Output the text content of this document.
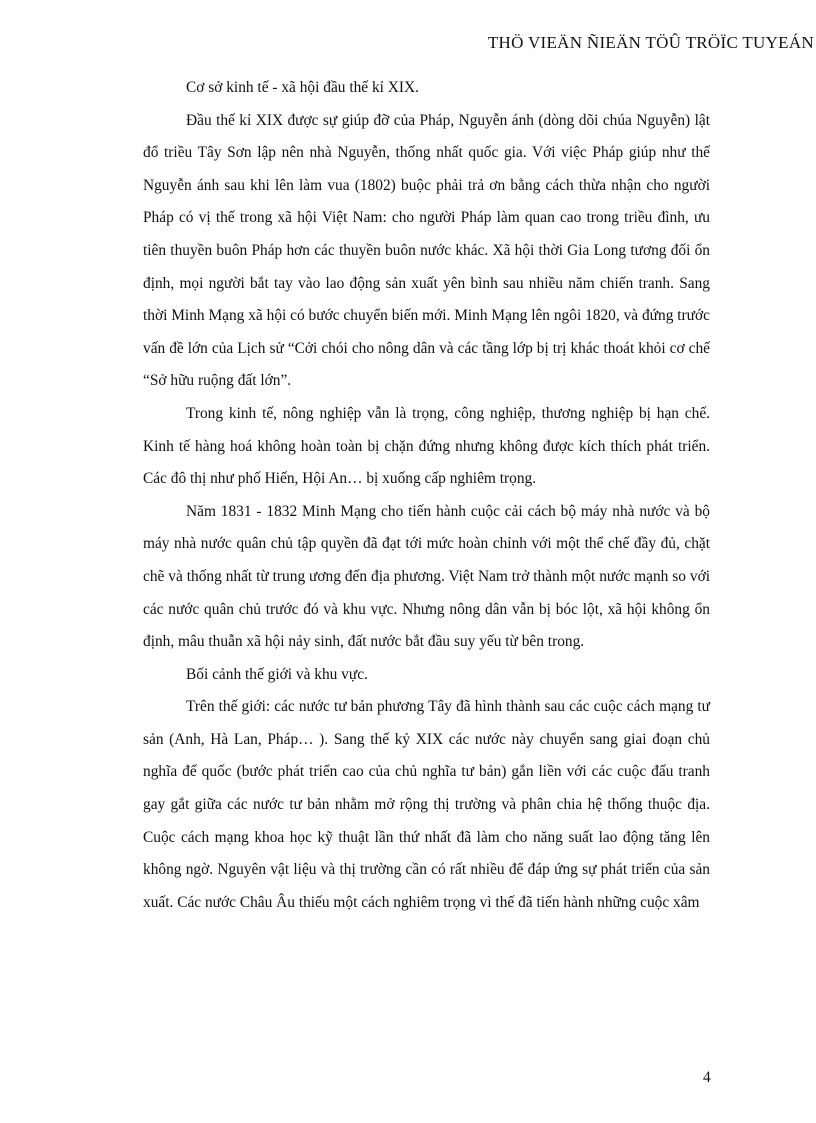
THÖ VIEÄN ÑIEÄN TÖÛ TRÖÏC TUYEÁN

Cơ sở kinh tế - xã hội đầu thế kỉ XIX.

Đầu thế kỉ XIX được sự giúp đỡ của Pháp, Nguyễn ánh (dòng dõi chúa Nguyễn) lật đổ triều Tây Sơn lập nên nhà Nguyễn, thống nhất quốc gia. Với việc Pháp giúp như thế Nguyễn ánh sau khi lên làm vua (1802) buộc phải trả ơn bằng cách thừa nhận cho người Pháp có vị thế trong xã hội Việt Nam: cho người Pháp làm quan cao trong triều đình, ưu tiên thuyền buôn Pháp hơn các thuyền buôn nước khác. Xã hội thời Gia Long tương đối ổn định, mọi người bắt tay vào lao động sản xuất yên bình sau nhiều năm chiến tranh. Sang thời Minh Mạng xã hội có bước chuyển biến mới. Minh Mạng lên ngôi 1820, và đứng trước vấn đề lớn của Lịch sử “Cởi chói cho nông dân và các tầng lớp bị trị khác thoát khỏi cơ chế “Sở hữu ruộng đất lớn”.

Trong kinh tế, nông nghiệp vẫn là trọng, công nghiệp, thương nghiệp bị hạn chế. Kinh tế hàng hoá không hoàn toàn bị chặn đứng nhưng không được kích thích phát triển. Các đô thị như phố Hiến, Hội An… bị xuống cấp nghiêm trọng.

Năm 1831 - 1832 Minh Mạng cho tiến hành cuộc cải cách bộ máy nhà nước và bộ máy nhà nước quân chủ tập quyền đã đạt tới mức hoàn chỉnh với một thể chế đầy đủ, chặt chẽ và thống nhất từ trung ương đến địa phương. Việt Nam trở thành một nước mạnh so với các nước quân chủ trước đó và khu vực. Nhưng nông dân vẫn bị bóc lột, xã hội không ổn định, mâu thuẫn xã hội nảy sinh, đất nước bắt đầu suy yếu từ bên trong.

Bối cảnh thế giới và khu vực.

Trên thế giới: các nước tư bản phương Tây đã hình thành sau các cuộc cách mạng tư sản (Anh, Hà Lan, Pháp… ). Sang thế kỷ XIX các nước này chuyển sang giai đoạn chủ nghĩa đế quốc (bước phát triển cao của chủ nghĩa tư bản) gắn liền với các cuộc đấu tranh gay gắt giữa các nước tư bản nhằm mở rộng thị trường và phân chia hệ thống thuộc địa. Cuộc cách mạng khoa học kỹ thuật lần thứ nhất đã làm cho năng suất lao động tăng lên không ngờ. Nguyên vật liệu và thị trường cần có rất nhiều để đáp ứng sự phát triển của sản xuất. Các nước Châu Âu thiếu một cách nghiêm trọng vì thế đã tiến hành những cuộc xâm

4
